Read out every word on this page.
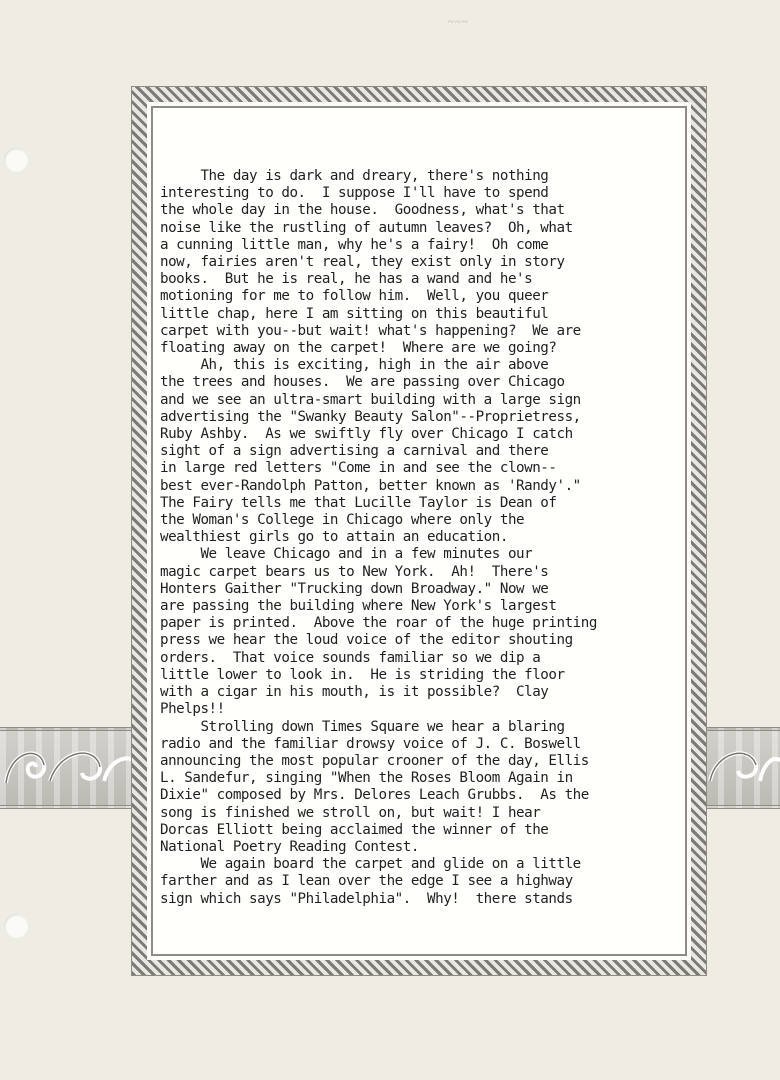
~~~
The day is dark and dreary, there's nothing
interesting to do.  I suppose I'll have to spend
the whole day in the house.  Goodness, what's that
noise like the rustling of autumn leaves?  Oh, what
a cunning little man, why he's a fairy!  Oh come
now, fairies aren't real, they exist only in story
books.  But he is real, he has a wand and he's
motioning for me to follow him.  Well, you queer
little chap, here I am sitting on this beautiful
carpet with you--but wait! what's happening?  We are
floating away on the carpet!  Where are we going?
Ah, this is exciting, high in the air above
the trees and houses.  We are passing over Chicago
and we see an ultra-smart building with a large sign
advertising the "Swanky Beauty Salon"--Proprietress,
Ruby Ashby.  As we swiftly fly over Chicago I catch
sight of a sign advertising a carnival and there
in large red letters "Come in and see the clown--
best ever-Randolph Patton, better known as 'Randy'."
The Fairy tells me that Lucille Taylor is Dean of
the Woman's College in Chicago where only the
wealthiest girls go to attain an education.
We leave Chicago and in a few minutes our
magic carpet bears us to New York.  Ah!  There's
Honters Gaither "Trucking down Broadway." Now we
are passing the building where New York's largest
paper is printed.  Above the roar of the huge printing
press we hear the loud voice of the editor shouting
orders.  That voice sounds familiar so we dip a
little lower to look in.  He is striding the floor
with a cigar in his mouth, is it possible?  Clay
Phelps!!
Strolling down Times Square we hear a blaring
radio and the familiar drowsy voice of J. C. Boswell
announcing the most popular crooner of the day, Ellis
L. Sandefur, singing "When the Roses Bloom Again in
Dixie" composed by Mrs. Delores Leach Grubbs.  As the
song is finished we stroll on, but wait! I hear
Dorcas Elliott being acclaimed the winner of the
National Poetry Reading Contest.
We again board the carpet and glide on a little
farther and as I lean over the edge I see a highway
sign which says "Philadelphia".  Why!  there stands
